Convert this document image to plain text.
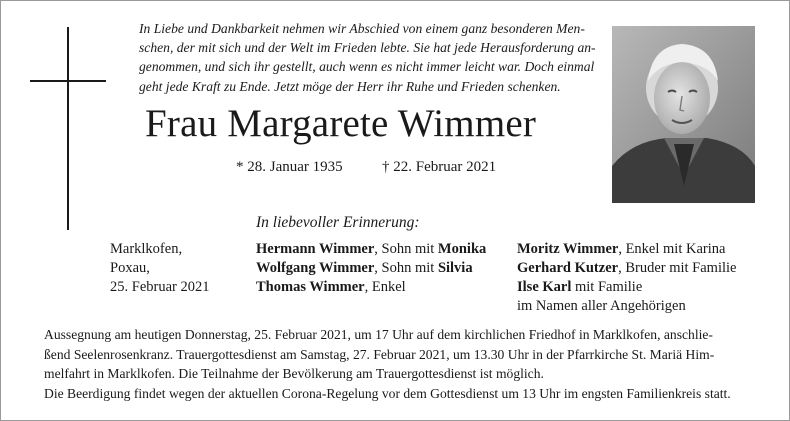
In Liebe und Dankbarkeit nehmen wir Abschied von einem ganz besonderen Men-
schen, der mit sich und der Welt im Frieden lebte. Sie hat jede Herausforderung an-
genommen, und sich ihr gestellt, auch wenn es nicht immer leicht war. Doch einmal
geht jede Kraft zu Ende. Jetzt möge der Herr ihr Ruhe und Frieden schenken.
Frau Margarete Wimmer
* 28. Januar 1935	† 22. Februar 2021
In liebevoller Erinnerung:
Marklkofen,
Poxau,
25. Februar 2021
Hermann Wimmer, Sohn mit Monika
Wolfgang Wimmer, Sohn mit Silvia
Thomas Wimmer, Enkel
Moritz Wimmer, Enkel mit Karina
Gerhard Kutzer, Bruder mit Familie
Ilse Karl mit Familie
im Namen aller Angehörigen
Aussegnung am heutigen Donnerstag, 25. Februar 2021, um 17 Uhr auf dem kirchlichen Friedhof in Marklkofen, anschlie-
ßend Seelenrosenkranz. Trauergottesdienst am Samstag, 27. Februar 2021, um 13.30 Uhr in der Pfarrkirche St. Mariä Him-
melfahrt in Marklkofen. Die Teilnahme der Bevölkerung am Trauergottesdienst ist möglich.
Die Beerdigung findet wegen der aktuellen Corona-Regelung vor dem Gottesdienst um 13 Uhr im engsten Familienkreis statt.
